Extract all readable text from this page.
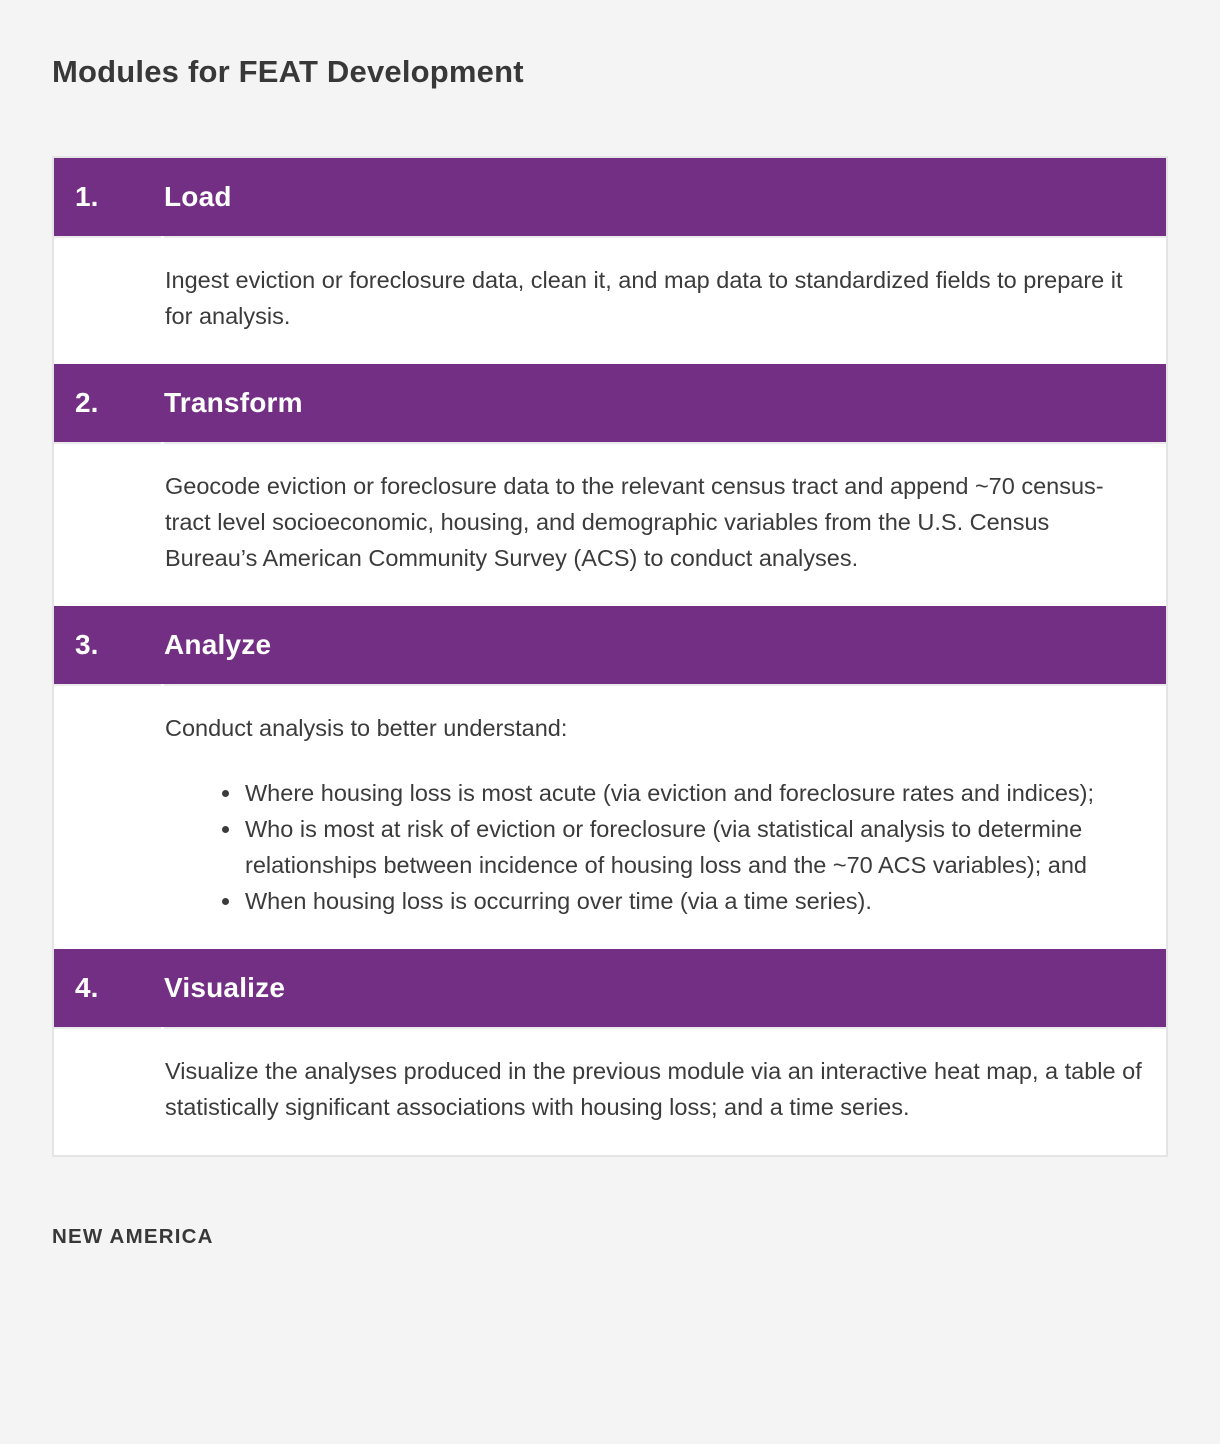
Modules for FEAT Development
1.	Load

Ingest eviction or foreclosure data, clean it, and map data to standardized fields to prepare it for analysis.

2.	Transform

Geocode eviction or foreclosure data to the relevant census tract and append ~70 census-tract level socioeconomic, housing, and demographic variables from the U.S. Census Bureau’s American Community Survey (ACS) to conduct analyses.

3.	Analyze

Conduct analysis to better understand:

• Where housing loss is most acute (via eviction and foreclosure rates and indices);
• Who is most at risk of eviction or foreclosure (via statistical analysis to determine relationships between incidence of housing loss and the ~70 ACS variables); and
• When housing loss is occurring over time (via a time series).
4.	Visualize

Visualize the analyses produced in the previous module via an interactive heat map, a table of statistically significant associations with housing loss; and a time series.

NEW AMERICA
